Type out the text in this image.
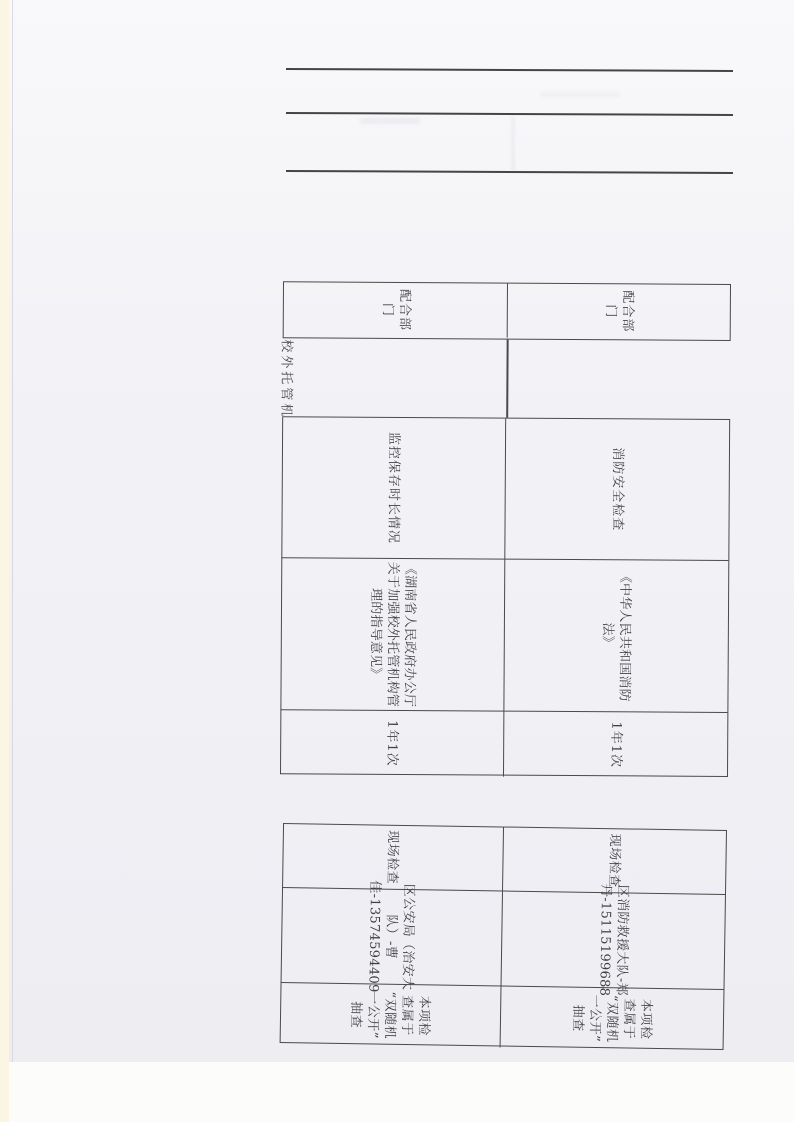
配合部门
配合部门
校外托管机
消防安全检查
《中华人民共和国消防法》
1年1次
监控保存时长情况
《湖南省人民政府办公厅关于加强校外托管机构管理的指导意见》
1年1次
现场检查
区消防救援大队-郑丹-15115199688
本项检查属于“双随机一公开”抽查
现场检查
区公安局（治安大队）-曹佳-13574594409
本项检查属于“双随机一公开”抽查
